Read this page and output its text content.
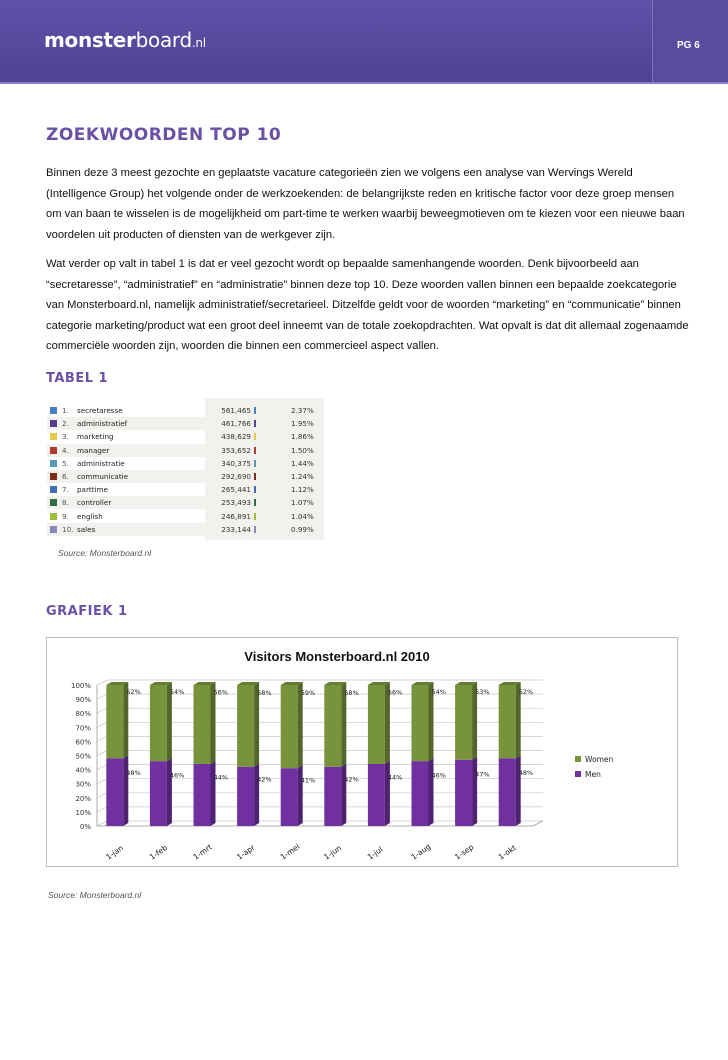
monsterboard.nl	PG 6
ZOEKWOORDEN TOP 10
Binnen deze 3 meest gezochte en geplaatste vacature categorieën zien we volgens een analyse van Wervings Wereld (Intelligence Group) het volgende onder de werkzoekenden: de belangrijkste reden en kritische factor voor deze groep mensen om van baan te wisselen is de mogelijkheid om part-time te werken waarbij beweegmotieven om te kiezen voor een nieuwe baan voordelen uit producten of diensten van de werkgever zijn.
Wat verder op valt in tabel 1 is dat er veel gezocht wordt op bepaalde samenhangende woorden. Denk bijvoorbeeld aan “secretaresse”, “administratief” en “administratie” binnen deze top 10. Deze woorden vallen binnen een bepaalde zoekcategorie van Monsterboard.nl, namelijk administratief/secretarieel. Ditzelfde geldt voor de woorden “marketing” en “communicatie” binnen categorie marketing/product wat een groot deel inneemt van de totale zoekopdrachten. Wat opvalt is dat dit allemaal zogenaamde commerciële woorden zijn, woorden die binnen een commercieel aspect vallen.
TABEL 1
1. secretaresse	561,465	2.37%
2. administratief	461,766	1.95%
3. marketing	438,629	1.86%
4. manager	353,652	1.50%
5. administratie	340,375	1.44%
6. communicatie	292,690	1.24%
7. parttime	265,441	1.12%
8. controller	253,493	1.07%
9. english	246,891	1.04%
10. sales	233,144	0.99%
Source: Monsterboard.nl
GRAFIEK 1
Visitors Monsterboard.nl 2010
0%
10%
20%
30%
40%
50%
60%
70%
80%
90%
100%
52%
48%
1-jan
54%
46%
1-feb
56%
44%
1-mrt
58%
42%
1-apr
59%
41%
1-mei
58%
42%
1-jun
56%
44%
1-jul
54%
46%
1-aug
53%
47%
1-sep
52%
48%
1-okt
Women
Men
Source: Monsterboard.nl
